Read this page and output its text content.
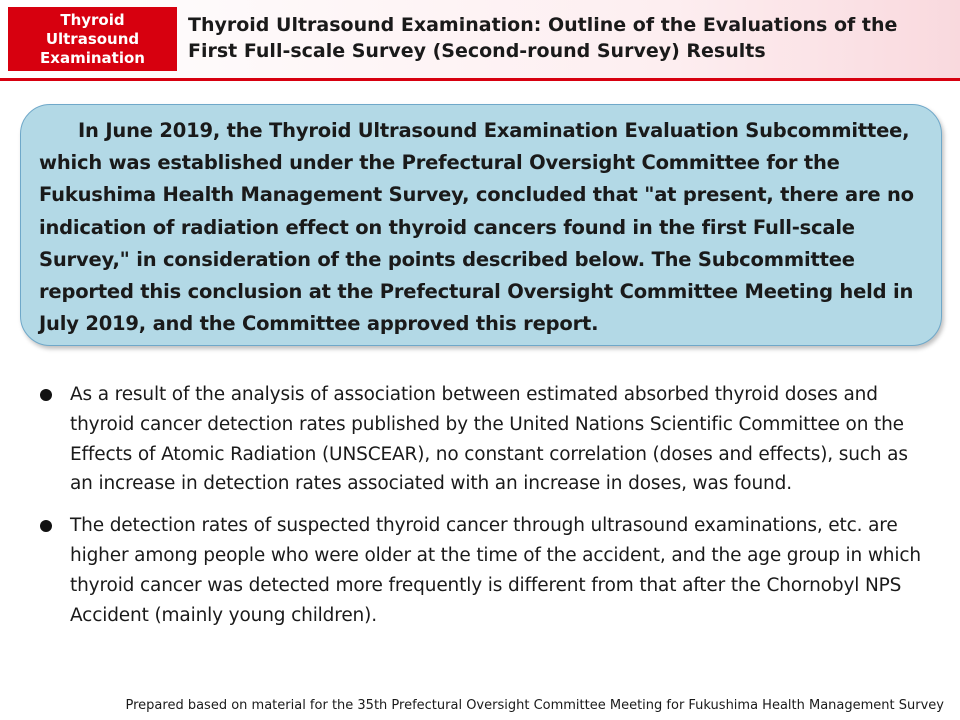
Thyroid
Ultrasound
Examination
Thyroid Ultrasound Examination: Outline of the Evaluations of the First Full-scale Survey (Second-round Survey) Results

In June 2019, the Thyroid Ultrasound Examination Evaluation Subcommittee, which was established under the Prefectural Oversight Committee for the Fukushima Health Management Survey, concluded that "at present, there are no indication of radiation effect on thyroid cancers found in the first Full-scale Survey," in consideration of the points described below. The Subcommittee reported this conclusion at the Prefectural Oversight Committee Meeting held in July 2019, and the Committee approved this report.

As a result of the analysis of association between estimated absorbed thyroid doses and thyroid cancer detection rates published by the United Nations Scientific Committee on the Effects of Atomic Radiation (UNSCEAR), no constant correlation (doses and effects), such as an increase in detection rates associated with an increase in doses, was found.
The detection rates of suspected thyroid cancer through ultrasound examinations, etc. are higher among people who were older at the time of the accident, and the age group in which thyroid cancer was detected more frequently is different from that after the Chornobyl NPS Accident (mainly young children).
Prepared based on material for the 35th Prefectural Oversight Committee Meeting for Fukushima Health Management Survey
